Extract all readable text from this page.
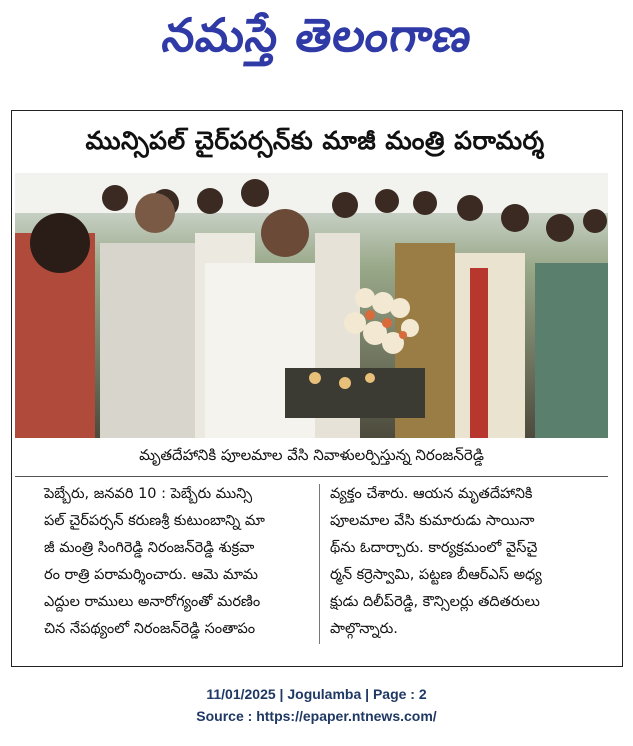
నమస్తే తెలంగాణ
మున్సిపల్ చైర్‌పర్సన్‌కు మాజీ మంత్రి పరామర్శ
మృతదేహానికి పూలమాల వేసి నివాళులర్పిస్తున్న నిరంజన్‌రెడ్డి
పెబ్బేరు, జనవరి 10 : పెబ్బేరు మున్సి
పల్ చైర్‌పర్సన్ కరుణశ్రీ కుటుంబాన్ని మా
జీ మంత్రి సింగిరెడ్డి నిరంజన్‌రెడ్డి శుక్రవా
రం రాత్రి పరామర్శించారు. ఆమె మామ
ఎద్దుల రాములు అనారోగ్యంతో మరణిం
చిన నేపథ్యంలో నిరంజన్‌రెడ్డి సంతాపం
వ్యక్తం చేశారు. ఆయన మృతదేహానికి
పూలమాల వేసి కుమారుడు సాయినా
థ్‌ను ఓదార్చారు. కార్యక్రమంలో వైస్‌చై
ర్మన్ కర్రెస్వామి, పట్టణ బీఆర్‌ఎస్ అధ్య
క్షుడు దిలీప్‌రెడ్డి, కౌన్సిలర్లు తదితరులు
పాల్గొన్నారు.
11/01/2025 | Jogulamba | Page : 2
Source : https://epaper.ntnews.com/
